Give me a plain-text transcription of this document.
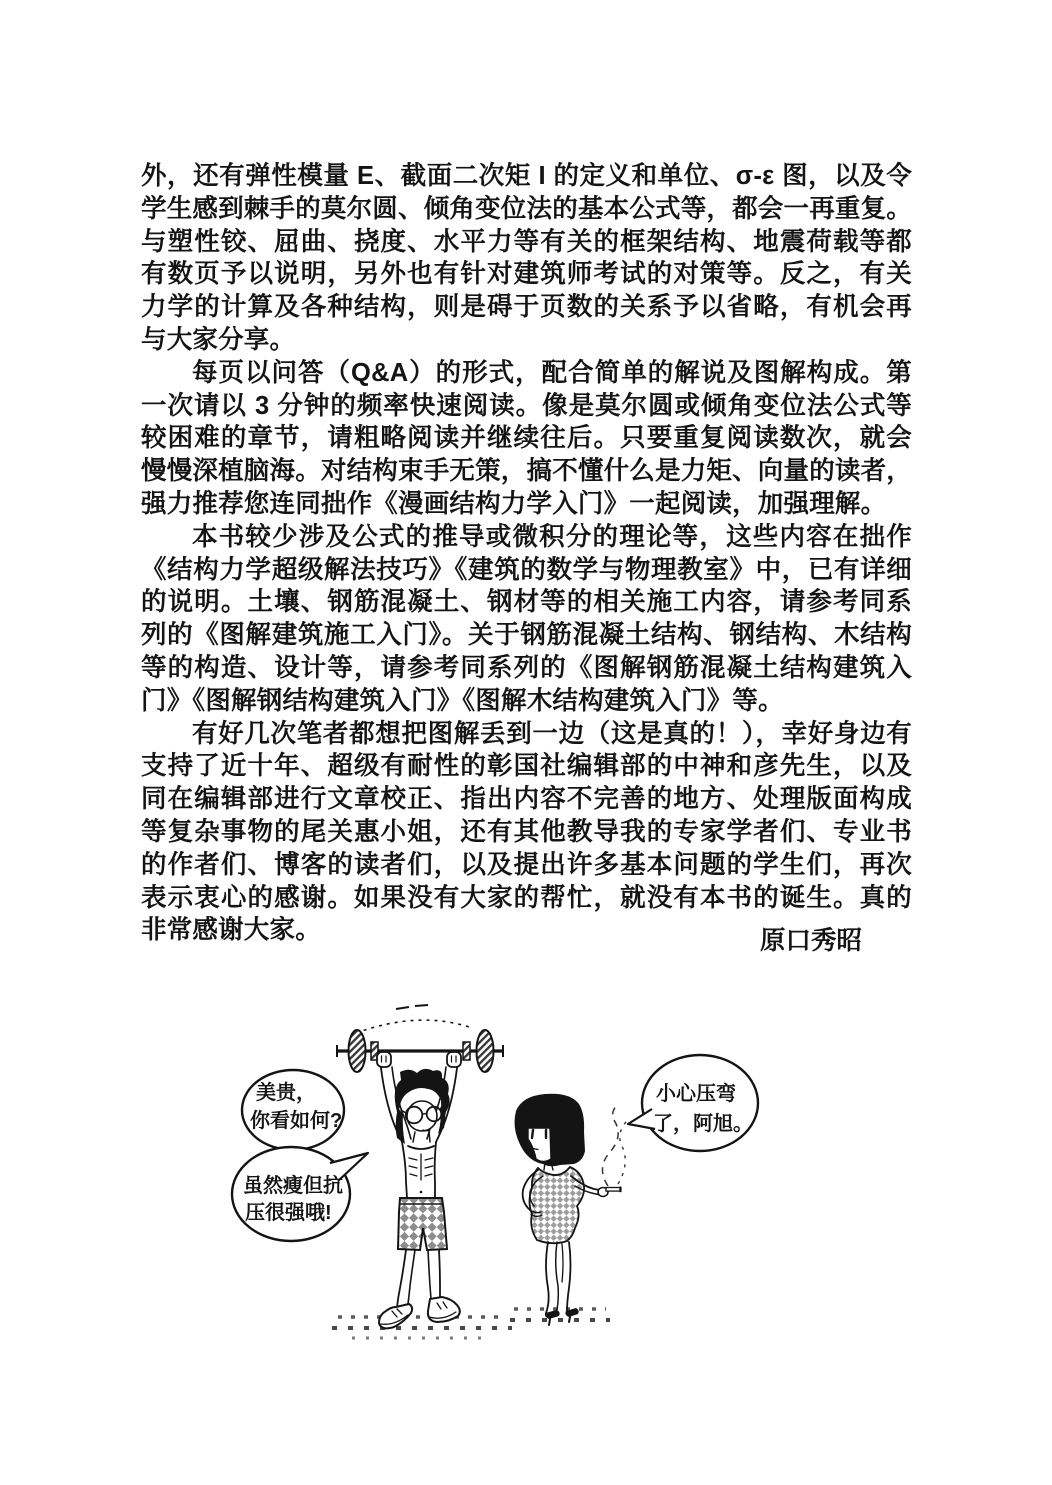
外，还有弹性模量 E、截面二次矩 I 的定义和单位、σ-ε 图，以及令
学生感到棘手的莫尔圆、倾角变位法的基本公式等，都会一再重复。
与塑性铰、屈曲、挠度、水平力等有关的框架结构、地震荷载等都
有数页予以说明，另外也有针对建筑师考试的对策等。反之，有关
力学的计算及各种结构，则是碍于页数的关系予以省略，有机会再
与大家分享。
每页以问答（Q&A）的形式，配合简单的解说及图解构成。第
一次请以 3 分钟的频率快速阅读。像是莫尔圆或倾角变位法公式等
较困难的章节，请粗略阅读并继续往后。只要重复阅读数次，就会
慢慢深植脑海。对结构束手无策，搞不懂什么是力矩、向量的读者，
强力推荐您连同拙作《漫画结构力学入门》一起阅读，加强理解。
本书较少涉及公式的推导或微积分的理论等，这些内容在拙作
《结构力学超级解法技巧》《建筑的数学与物理教室》中，已有详细
的说明。土壤、钢筋混凝土、钢材等的相关施工内容，请参考同系
列的《图解建筑施工入门》。关于钢筋混凝土结构、钢结构、木结构
等的构造、设计等，请参考同系列的《图解钢筋混凝土结构建筑入
门》《图解钢结构建筑入门》《图解木结构建筑入门》等。
有好几次笔者都想把图解丢到一边（这是真的！），幸好身边有
支持了近十年、超级有耐性的彰国社编辑部的中神和彦先生，以及
同在编辑部进行文章校正、指出内容不完善的地方、处理版面构成
等复杂事物的尾关惠小姐，还有其他教导我的专家学者们、专业书
的作者们、博客的读者们，以及提出许多基本问题的学生们，再次
表示衷心的感谢。如果没有大家的帮忙，就没有本书的诞生。真的
非常感谢大家。	原口秀昭
美贵，
你看如何?
虽然瘦但抗
压很强哦!
小心压弯
了，阿旭。
